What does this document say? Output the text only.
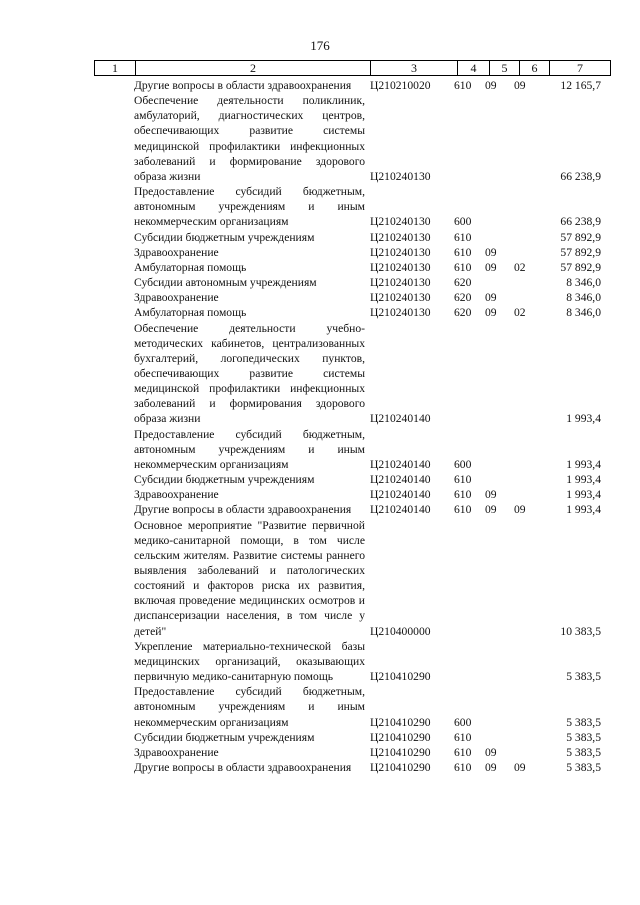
176
1	2	3	4	5	6	7
	Другие вопросы в области здравоохранения	Ц210210020	610	09	09	12 165,7
	Обеспечение деятельности поликлиник, амбулаторий, диагностических центров, обеспечивающих развитие системы медицинской профилактики инфекционных заболеваний и формирование здорового образа жизни	Ц210240130				66 238,9
	Предоставление субсидий бюджетным, автономным учреждениям и иным некоммерческим организациям	Ц210240130	600			66 238,9
	Субсидии бюджетным учреждениям	Ц210240130	610			57 892,9
	Здравоохранение	Ц210240130	610	09		57 892,9
	Амбулаторная помощь	Ц210240130	610	09	02	57 892,9
	Субсидии автономным учреждениям	Ц210240130	620			8 346,0
	Здравоохранение	Ц210240130	620	09		8 346,0
	Амбулаторная помощь	Ц210240130	620	09	02	8 346,0
	Обеспечение деятельности учебно-методических кабинетов, централизованных бухгалтерий, логопедических пунктов, обеспечивающих развитие системы медицинской профилактики инфекционных заболеваний и формирования здорового образа жизни	Ц210240140				1 993,4
	Предоставление субсидий бюджетным, автономным учреждениям и иным некоммерческим организациям	Ц210240140	600			1 993,4
	Субсидии бюджетным учреждениям	Ц210240140	610			1 993,4
	Здравоохранение	Ц210240140	610	09		1 993,4
	Другие вопросы в области здравоохранения	Ц210240140	610	09	09	1 993,4
	Основное мероприятие "Развитие первичной медико-санитарной помощи, в том числе сельским жителям. Развитие системы раннего выявления заболеваний и патологических состояний и факторов риска их развития, включая проведение медицинских осмотров и диспансеризации населения, в том числе у детей"	Ц210400000				10 383,5
	Укрепление материально-технической базы медицинских организаций, оказывающих первичную медико-санитарную помощь	Ц210410290				5 383,5
	Предоставление субсидий бюджетным, автономным учреждениям и иным некоммерческим организациям	Ц210410290	600			5 383,5
	Субсидии бюджетным учреждениям	Ц210410290	610			5 383,5
	Здравоохранение	Ц210410290	610	09		5 383,5
	Другие вопросы в области здравоохранения	Ц210410290	610	09	09	5 383,5
